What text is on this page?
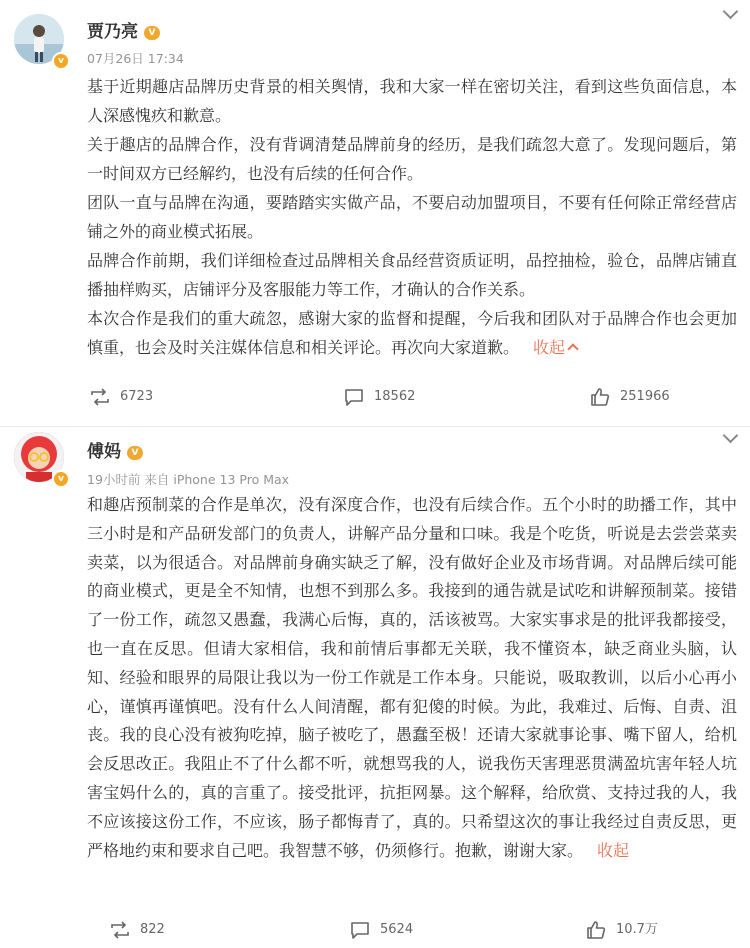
v
贾乃亮 V
07月26日 17:34

基于近期趣店品牌历史背景的相关舆情，我和大家一样在密切关注，看到这些负面信息，本人深感愧疚和歉意。

关于趣店的品牌合作，没有背调清楚品牌前身的经历，是我们疏忽大意了。发现问题后，第一时间双方已经解约，也没有后续的任何合作。

团队一直与品牌在沟通，要踏踏实实做产品，不要启动加盟项目，不要有任何除正常经营店铺之外的商业模式拓展。

品牌合作前期，我们详细检查过品牌相关食品经营资质证明，品控抽检，验仓，品牌店铺直播抽样购买，店铺评分及客服能力等工作，才确认的合作关系。

本次合作是我们的重大疏忽，感谢大家的监督和提醒，今后我和团队对于品牌合作也会更加慎重，也会及时关注媒体信息和相关评论。再次向大家道歉。 收起

6723	18562	251966
v
傅妈 V
19小时前 来自 iPhone 13 Pro Max

和趣店预制菜的合作是单次，没有深度合作，也没有后续合作。五个小时的助播工作，其中三小时是和产品研发部门的负责人，讲解产品分量和口味。我是个吃货，听说是去尝尝菜卖卖菜，以为很适合。对品牌前身确实缺乏了解，没有做好企业及市场背调。对品牌后续可能的商业模式，更是全不知情，也想不到那么多。我接到的通告就是试吃和讲解预制菜。接错了一份工作，疏忽又愚蠢，我满心后悔，真的，活该被骂。大家实事求是的批评我都接受，也一直在反思。但请大家相信，我和前情后事都无关联，我不懂资本，缺乏商业头脑，认知、经验和眼界的局限让我以为一份工作就是工作本身。只能说，吸取教训，以后小心再小心，谨慎再谨慎吧。没有什么人间清醒，都有犯傻的时候。为此，我难过、后悔、自责、沮丧。我的良心没有被狗吃掉，脑子被吃了，愚蠢至极！还请大家就事论事、嘴下留人，给机会反思改正。我阻止不了什么都不听，就想骂我的人，说我伤天害理恶贯满盈坑害年轻人坑害宝妈什么的，真的言重了。接受批评，抗拒网暴。这个解释，给欣赏、支持过我的人，我不应该接这份工作，不应该，肠子都悔青了，真的。只希望这次的事让我经过自责反思，更严格地约束和要求自己吧。我智慧不够，仍须修行。抱歉，谢谢大家。 收起

822	5624	10.7万
